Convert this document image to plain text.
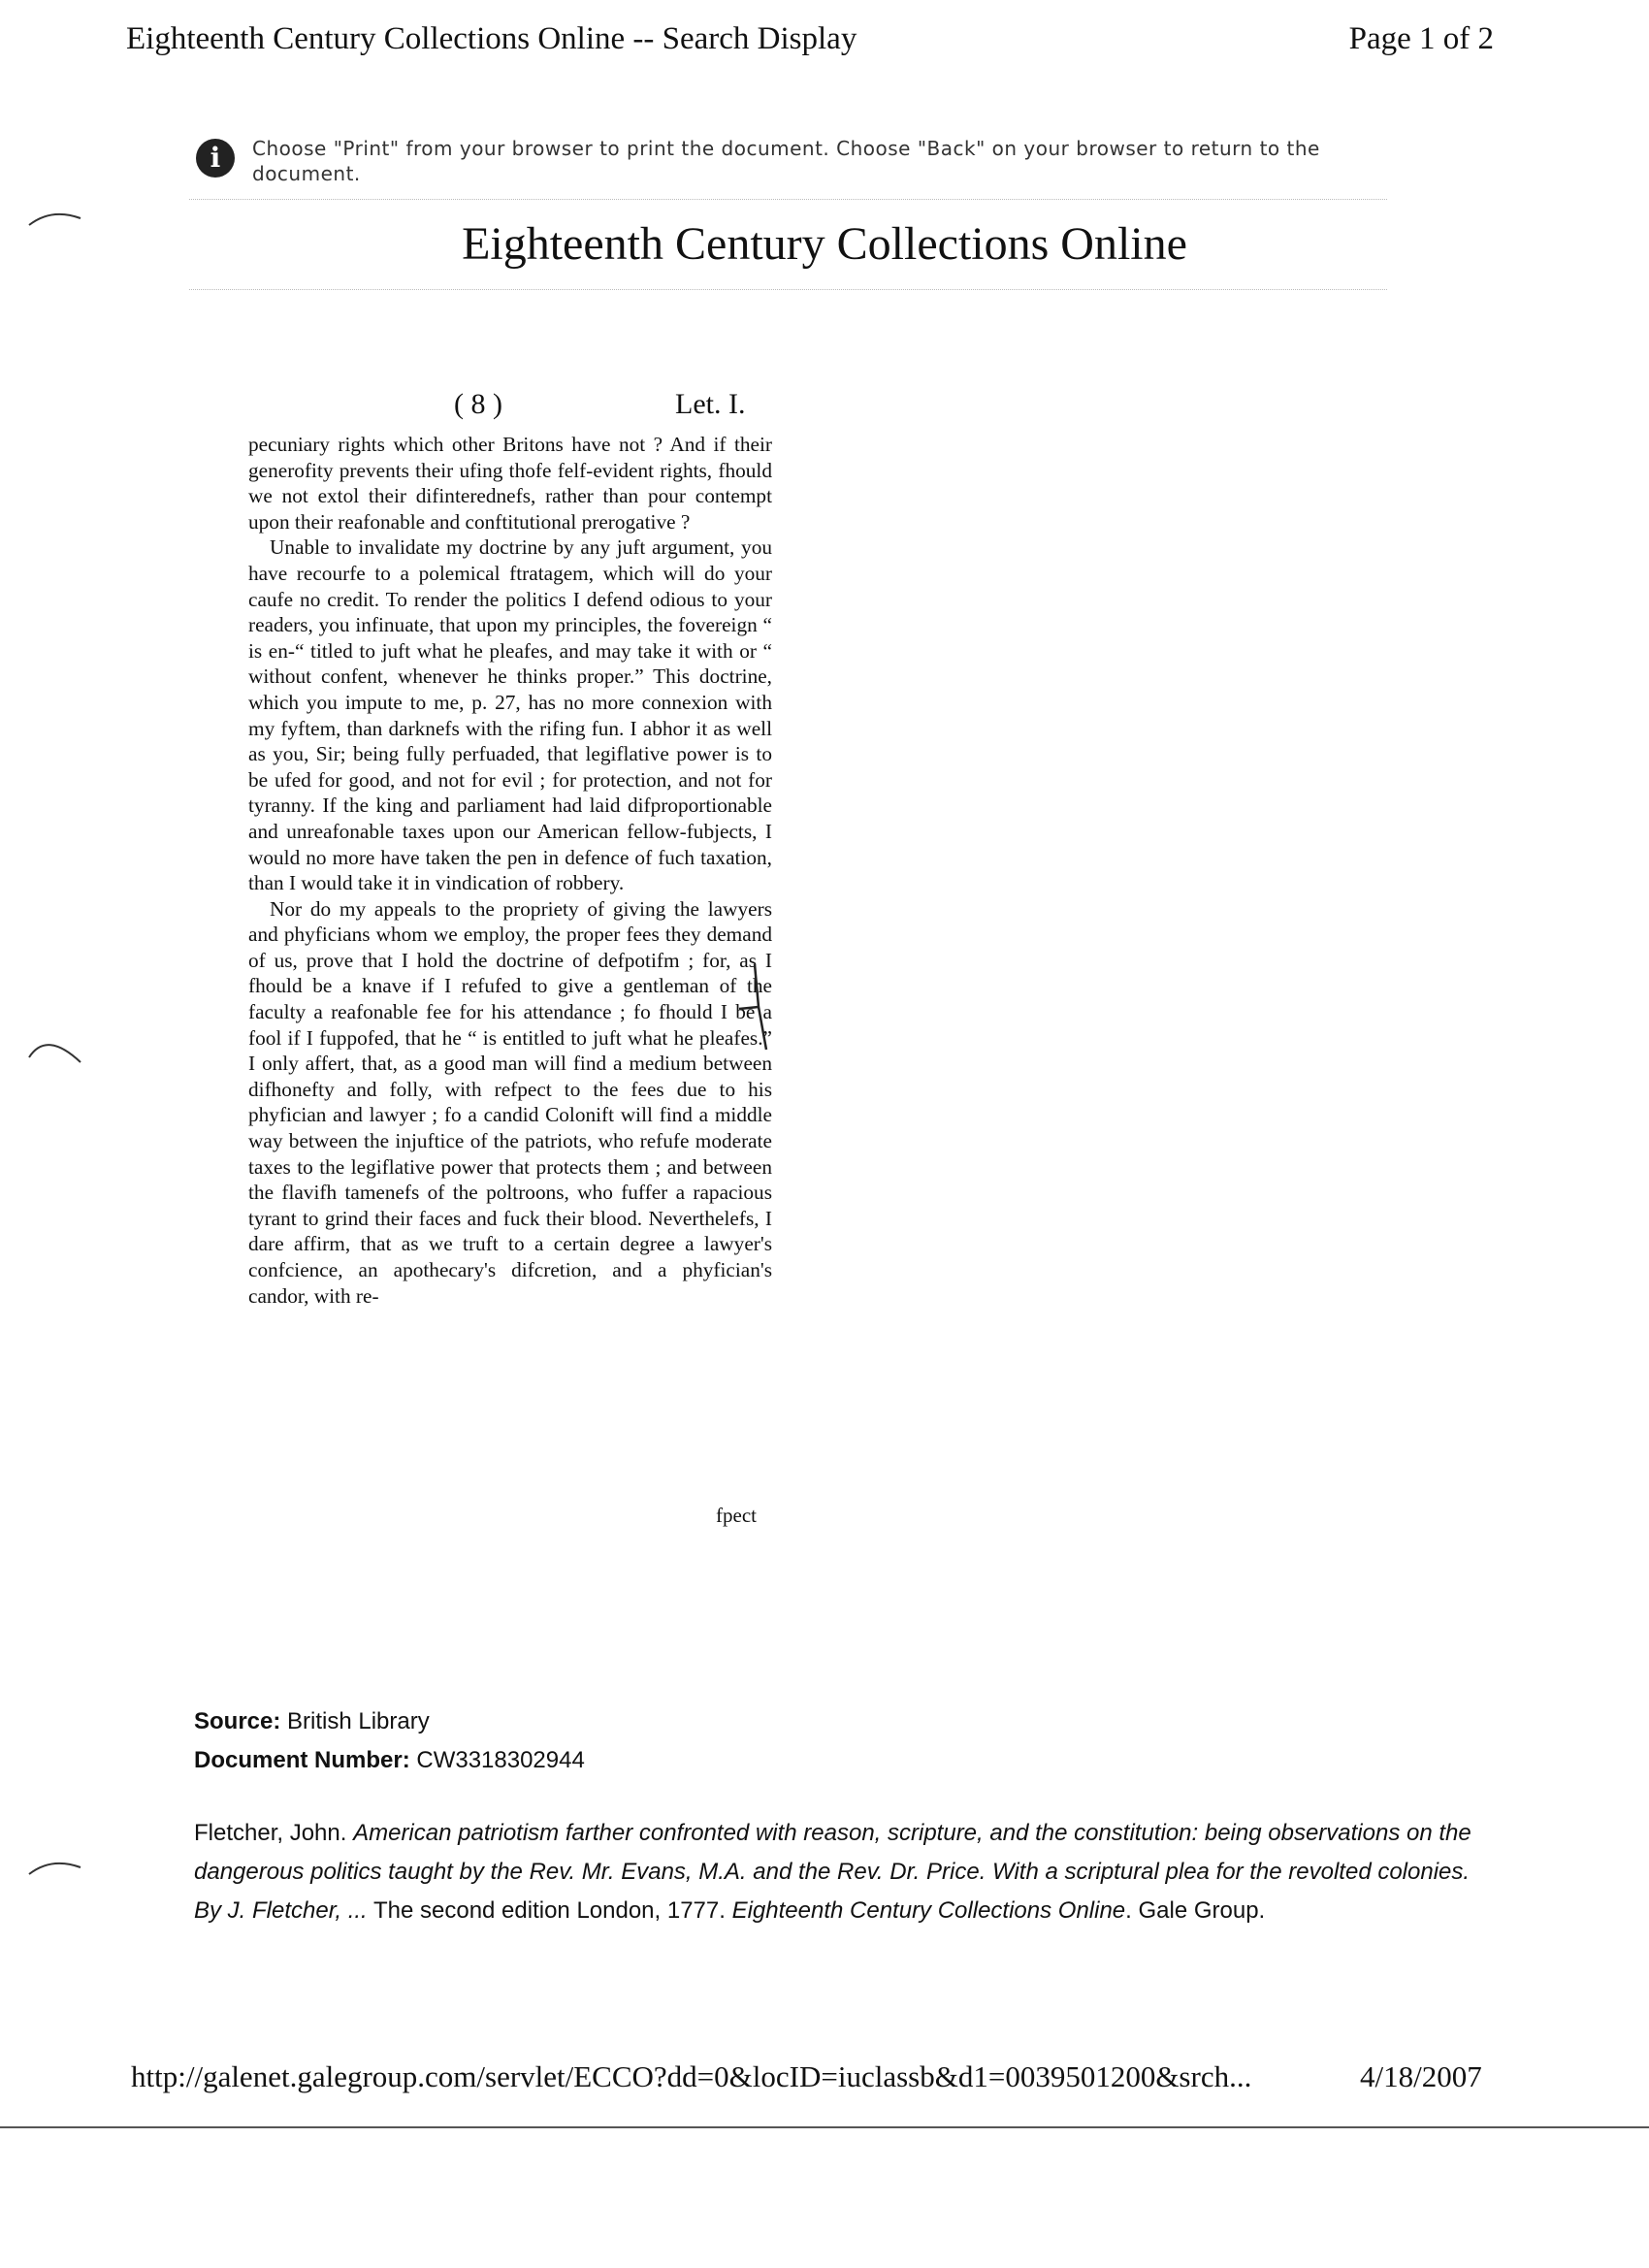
Eighteenth Century Collections Online -- Search Display	Page 1 of 2
i	Choose "Print" from your browser to print the document. Choose "Back" on your browser to return to the document.
Eighteenth Century Collections Online
( 8 )	Let. I.

pecuniary rights which other Britons have not ? And if their generofity prevents their ufing thofe felf-evident rights, fhould we not extol their difinterednefs, rather than pour contempt upon their reafonable and conftitutional prerogative ?

Unable to invalidate my doctrine by any juft argument, you have recourfe to a polemical ftratagem, which will do your caufe no credit. To render the politics I defend odious to your readers, you infinuate, that upon my principles, the fovereign “ is en-“ titled to juft what he pleafes, and may take it with or “ without confent, whenever he thinks proper.” This doctrine, which you impute to me, p. 27, has no more connexion with my fyftem, than darknefs with the rifing fun. I abhor it as well as you, Sir; being fully perfuaded, that legiflative power is to be ufed for good, and not for evil ; for protection, and not for tyranny. If the king and parliament had laid difproportionable and unreafonable taxes upon our American fellow-fubjects, I would no more have taken the pen in defence of fuch taxation, than I would take it in vindication of robbery.

Nor do my appeals to the propriety of giving the lawyers and phyficians whom we employ, the proper fees they demand of us, prove that I hold the doctrine of defpotifm ; for, as I fhould be a knave if I refufed to give a gentleman of the faculty a reafonable fee for his attendance ; fo fhould I be a fool if I fuppofed, that he “ is entitled to juft what he pleafes.” I only affert, that, as a good man will find a medium between difhonefty and folly, with refpect to the fees due to his phyfician and lawyer ; fo a candid Colonift will find a middle way between the injuftice of the patriots, who refufe moderate taxes to the legiflative power that protects them ; and between the flavifh tamenefs of the poltroons, who fuffer a rapacious tyrant to grind their faces and fuck their blood. Neverthelefs, I dare affirm, that as we truft to a certain degree a lawyer's confcience, an apothecary's difcretion, and a phyfician's candor, with re-

fpect
Source: British Library
Document Number: CW3318302944
Fletcher, John. American patriotism farther confronted with reason, scripture, and the constitution: being observations on the dangerous politics taught by the Rev. Mr. Evans, M.A. and the Rev. Dr. Price. With a scriptural plea for the revolted colonies. By J. Fletcher, ... The second edition London, 1777. Eighteenth Century Collections Online. Gale Group.
http://galenet.galegroup.com/servlet/ECCO?dd=0&locID=iuclassb&d1=0039501200&srch...	4/18/2007
